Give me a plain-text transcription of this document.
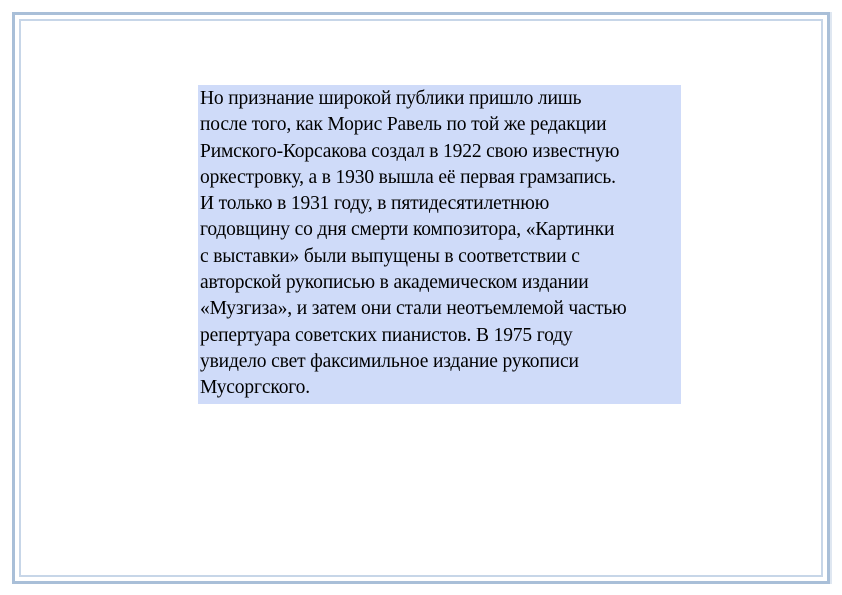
Но признание широкой публики пришло лишь
после того, как Морис Равель по той же редакции
Римского-Корсакова создал в 1922 свою известную
оркестровку, а в 1930 вышла её первая грамзапись.
И только в 1931 году, в пятидесятилетнюю
годовщину со дня смерти композитора, «Картинки
с выставки» были выпущены в соответствии с
авторской рукописью в академическом издании
«Музгиза», и затем они стали неотъемлемой частью
репертуара советских пианистов. В 1975 году
увидело свет факсимильное издание рукописи
Мусоргского.
